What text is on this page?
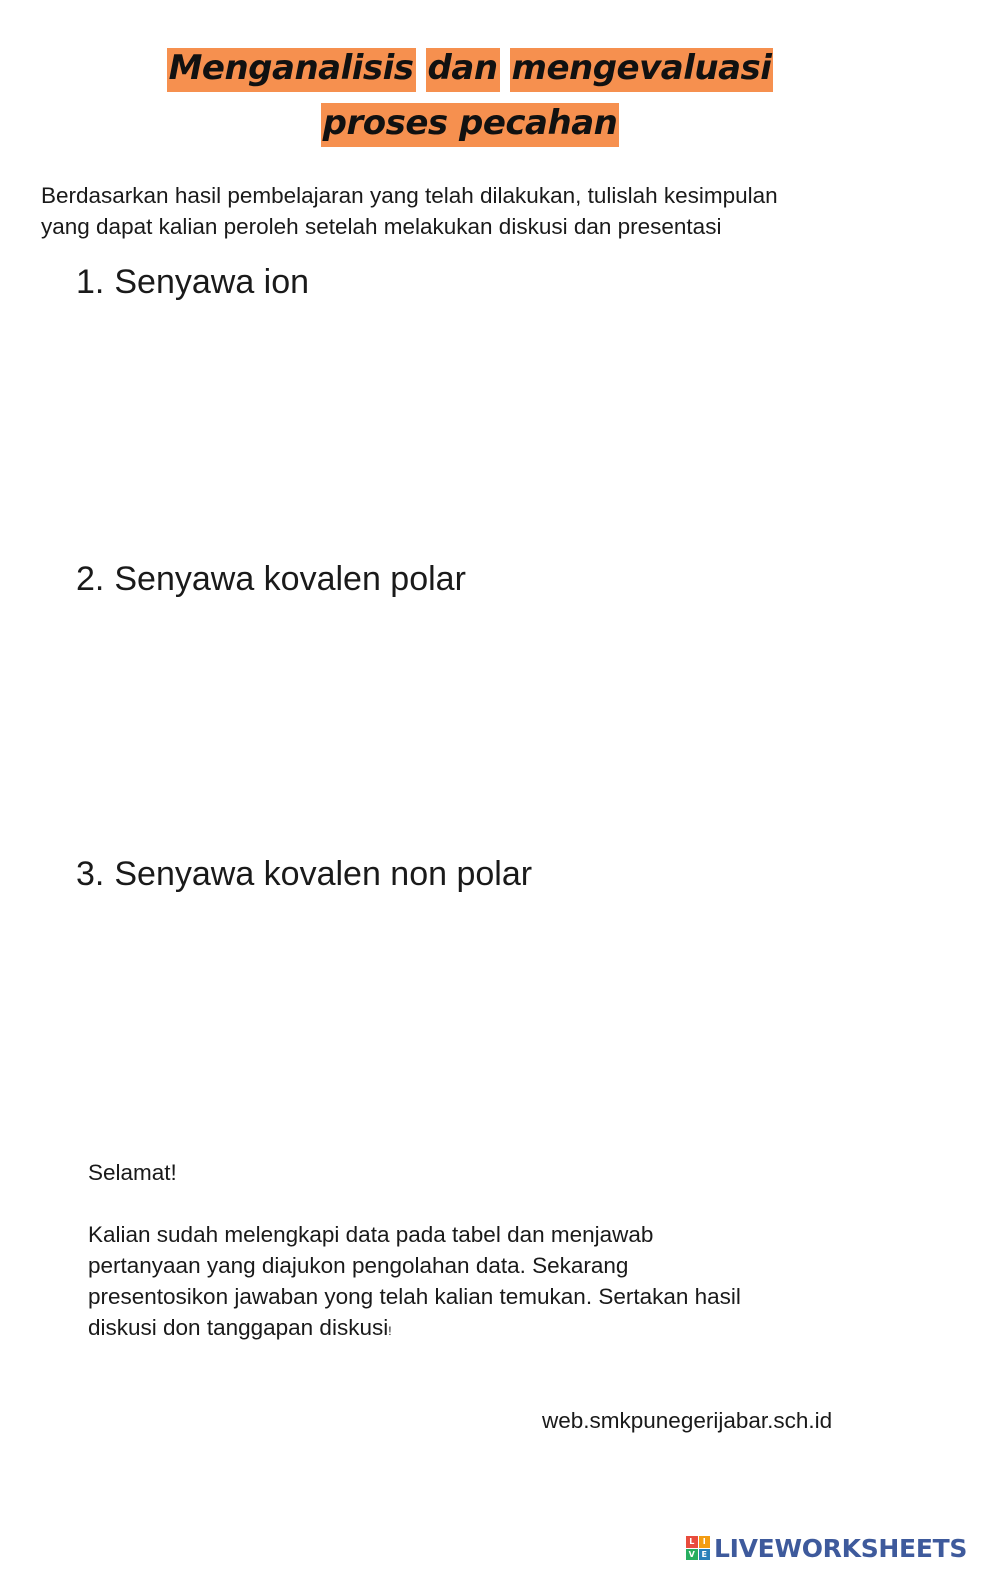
Menganalisis dan mengevaluasi
proses pecahan
Berdasarkan hasil pembelajaran yang telah dilakukan, tulislah kesimpulan
yang dapat kalian peroleh setelah melakukan diskusi dan presentasi
1. Senyawa ion
2. Senyawa kovalen polar
3. Senyawa kovalen non polar
Selamat!
Kalian sudah melengkapi data pada tabel dan menjawab
pertanyaan yang diajukon pengolahan data. Sekarang
presentosikon jawaban yong telah kalian temukan. Sertakan hasil
diskusi don tanggapan diskusi!
web.smkpunegerijabar.sch.id
L	I
V E LIVEWORKSHEETS
